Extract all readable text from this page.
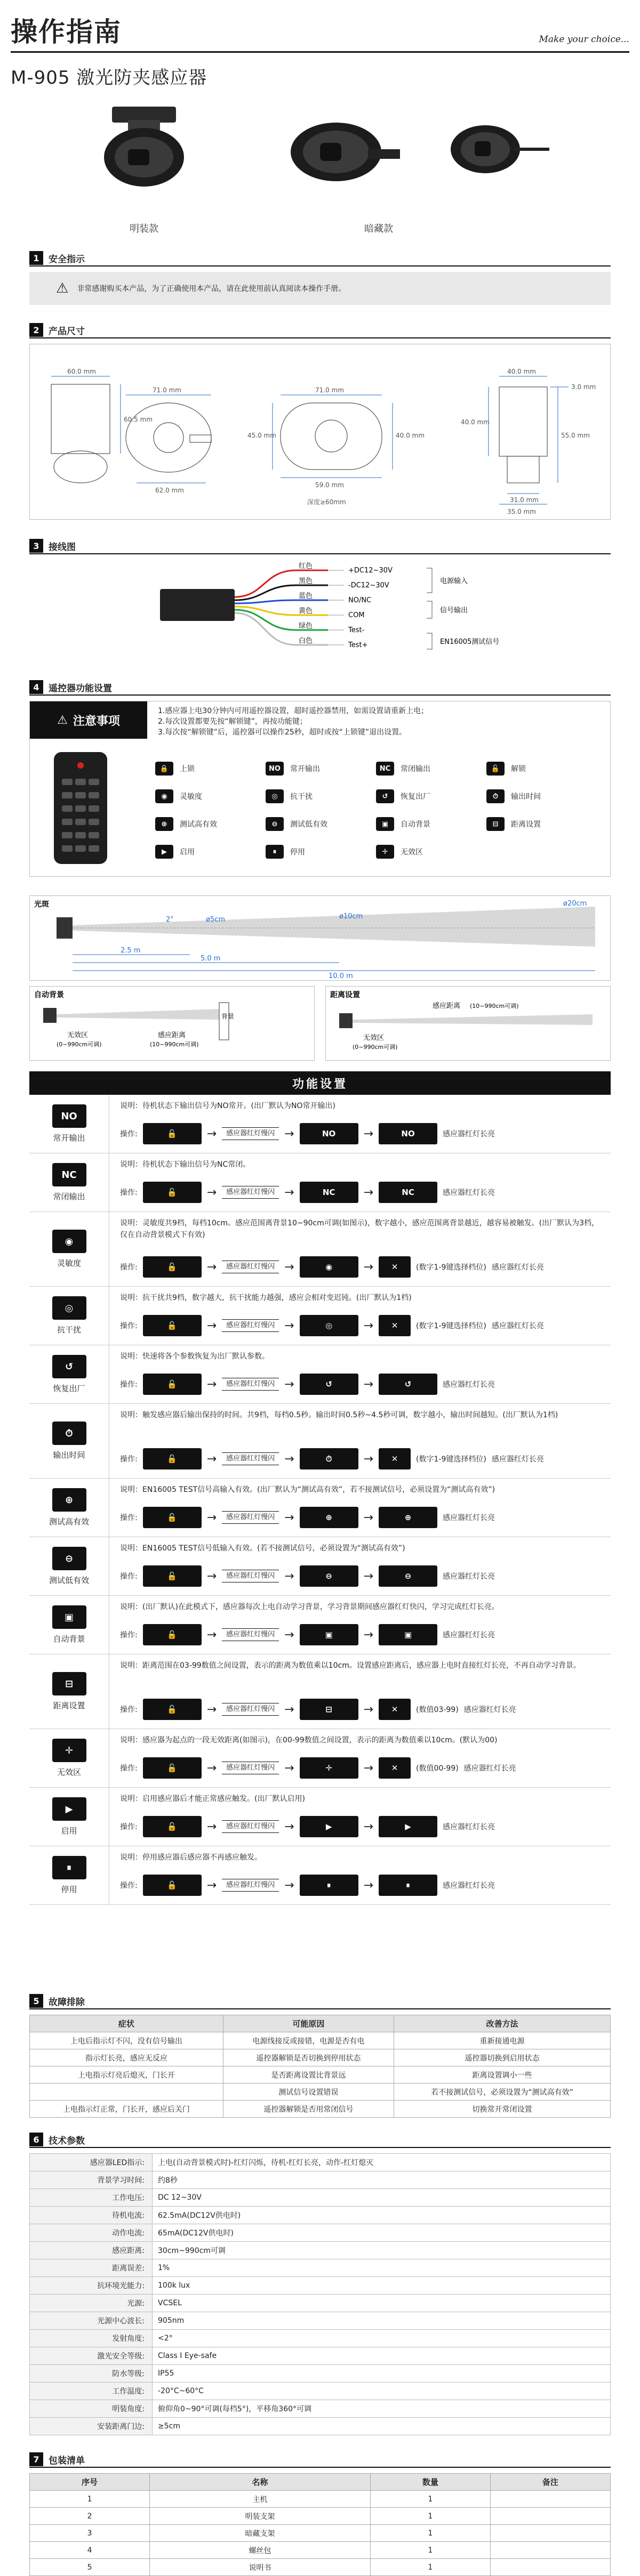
操作指南	Make your choice...
M-905 激光防夹感应器
明装款	暗藏款
1	安全指示
⚠ 非常感谢购买本产品，为了正确使用本产品，请在此使用前认真阅读本操作手册。
2	产品尺寸
60.0 mm
60.5 mm
71.0 mm
62.0 mm
71.0 mm
45.0 mm	40.0 mm
59.0 mm
深度≥60mm
40.0 mm
40.0 mm
3.0 mm
55.0 mm
31.0 mm
35.0 mm
3	接线图
红色
+DC12~30V
黑色
-DC12~30V
蓝色
NO/NC
黄色
COM
绿色
Test-
白色
Test+
电源输入
信号输出
EN16005测试信号
4	遥控器功能设置
⚠ 注意事项
1.感应器上电30分钟内可用遥控器设置，超时遥控器禁用，如需设置请重新上电；
2.每次设置都要先按“解锁键”，再按功能键；
3.每次按“解锁键”后，遥控器可以操作25秒，超时或按“上锁键”退出设置。
🔒	上锁	NO	常开输出	NC	常闭输出	🔓	解锁
◉	灵敏度	◎	抗干扰	↺	恢复出厂	⏱	输出时间
⊕	测试高有效	⊖	测试低有效	▣	自动背景	⊟	距离设置
▶	启用	⏸	停用	✛	无效区
光斑
2"	ø5cm	ø10cm
ø20cm
2.5 m
5.0 m
10.0 m
自动背景
背景
无效区
(0~990cm可调)
感应距离
(10~990cm可调)
距离设置
感应距离 (10~990cm可调)
无效区
(0~990cm可调)
功能设置
NO
常开输出
说明：待机状态下输出信号为NO常开。(出厂默认为NO常开输出)
操作:	🔓	→	感应器红灯慢闪 →	NO	→	NO	感应器红灯长亮
NC
常闭输出
说明：待机状态下输出信号为NC常闭。
操作:	🔓	→	感应器红灯慢闪 →	NC	→	NC	感应器红灯长亮
◉
灵敏度
说明：灵敏度共9档，每档10cm。感应范围离背景10~90cm可调(如图示)，数字越小，感应范围离背景越近，越容易被触发。(出厂默认为3档，仅在自动背景模式下有效)
操作:	🔓	→	感应器红灯慢闪 →	◉	→	✕	(数字1-9键选择档位) 感应器红灯长亮
◎
抗干扰
说明：抗干扰共9档，数字越大，抗干扰能力越强，感应会相对变迟钝。(出厂默认为1档)
操作:	🔓	→	感应器红灯慢闪 →	◎	→	✕	(数字1-9键选择档位) 感应器红灯长亮
↺
恢复出厂
说明：快速将各个参数恢复为出厂默认参数。
操作:	🔓	→	感应器红灯慢闪 →	↺	→	↺	感应器红灯长亮
⏱
输出时间
说明：触发感应器后输出保持的时间。共9档，每档0.5秒。输出时间0.5秒~4.5秒可调，数字越小，输出时间越短。(出厂默认为1档)
操作:	🔓	→	感应器红灯慢闪 →	⏱	→	✕	(数字1-9键选择档位) 感应器红灯长亮
⊕
测试高有效
说明：EN16005 TEST信号高输入有效。(出厂默认为“测试高有效”，若不接测试信号，必须设置为“测试高有效”)
操作:	🔓	→	感应器红灯慢闪 →	⊕	→	⊕	感应器红灯长亮
⊖
测试低有效
说明：EN16005 TEST信号低输入有效。(若不接测试信号，必须设置为“测试高有效”)
操作:	🔓	→	感应器红灯慢闪 →	⊖	→	⊖	感应器红灯长亮
▣
自动背景
说明：(出厂默认)在此模式下，感应器每次上电自动学习背景，学习背景期间感应器红灯快闪，学习完成红灯长亮。
操作:	🔓	→	感应器红灯慢闪 →	▣	→	▣	感应器红灯长亮
⊟
距离设置
说明：距离范围在03-99数值之间设置，表示的距离为数值乘以10cm。设置感应距离后，感应器上电时直接红灯长亮，不再自动学习背景。
操作:	🔓	→	感应器红灯慢闪 →	⊟	→	✕	(数值03-99) 感应器红灯长亮
✛
无效区
说明：感应器为起点的一段无效距离(如图示)，在00-99数值之间设置，表示的距离为数值乘以10cm。(默认为00)
操作:	🔓	→	感应器红灯慢闪 →	✛	→	✕	(数值00-99) 感应器红灯长亮
▶
启用
说明：启用感应器后才能正常感应触发。(出厂默认启用)
操作:	🔓	→	感应器红灯慢闪 →	▶	→	▶	感应器红灯长亮
⏸
停用
说明：停用感应器后感应器不再感应触发。
操作:	🔓	→	感应器红灯慢闪 →	⏸	→	⏸	感应器红灯长亮
5	故障排除
症状	可能原因	改善方法
上电后指示灯不闪，没有信号输出	电源线接反或接错，电源是否有电	重新接通电源
指示灯长亮，感应无反应	遥控器解锁是否切换到停用状态	遥控器切换到启用状态
上电指示灯亮后熄灭，门长开	是否距离设置比背景远	距离设置调小一些
	测试信号设置错误	若不接测试信号，必须设置为“测试高有效”
上电指示灯正常，门长开，感应后关门	遥控器解锁是否用常闭信号	切换常开常闭设置
6	技术参数
感应器LED指示:	上电(自动背景模式时)-红灯闪烁，待机-红灯长亮，动作-红灯熄灭
背景学习时间:	约8秒
工作电压:	DC 12~30V
待机电流:	62.5mA(DC12V供电时)
动作电流:	65mA(DC12V供电时)
感应距离:	30cm~990cm可调
距离误差:	1%
抗环境光能力:	100k lux
光源:	VCSEL
光源中心波长:	905nm
发射角度:	<2°
激光安全等级:	Class I Eye-safe
防水等级:	IP55
工作温度:	-20°C~60°C
明装角度:	俯仰角0~90°可调(每档5°)，平移角360°可调
安装距离门边:	≥5cm
7	包装清单
序号	名称	数量	备注
1	主机	1	
2	明装支架	1	
3	暗藏支架	1	
4	螺丝包	1	
5	说明书	1	
